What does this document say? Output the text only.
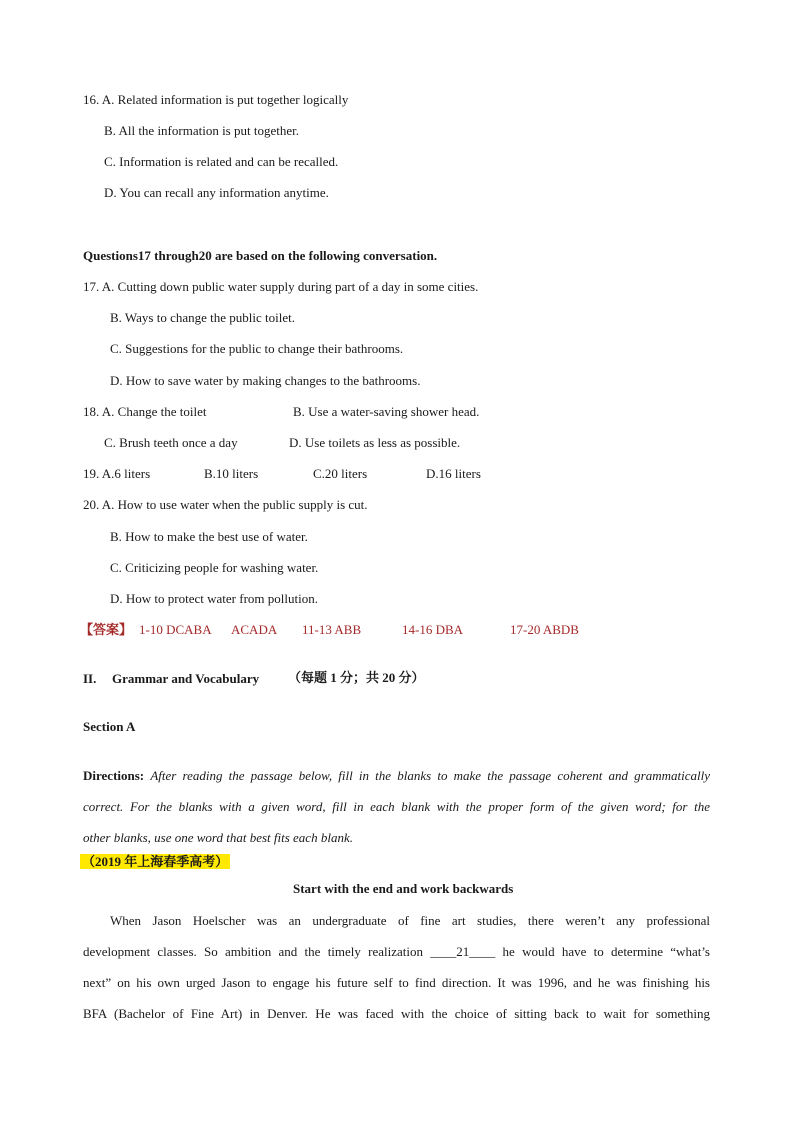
16. A. Related information is put together logically
B. All the information is put together.
C. Information is related and can be recalled.
D. You can recall any information anytime.
Questions17 through20 are based on the following conversation.
17. A. Cutting down public water supply during part of a day in some cities.
B. Ways to change the public toilet.
C. Suggestions for the public to change their bathrooms.
D. How to save water by making changes to the bathrooms.
18. A. Change the toilet	B. Use a water-saving shower head.
C. Brush teeth once a day	D. Use toilets as less as possible.
19. A.6 liters	B.10 liters	C.20 liters	D.16 liters
20. A. How to use water when the public supply is cut.
B. How to make the best use of water.
C. Criticizing people for washing water.
D. How to protect water from pollution.
【答案】 1-10 DCABA ACADA 11-13 ABB	14-16 DBA	17-20 ABDB
II. Grammar and Vocabulary （每题 1 分；共 20 分）
Section A
Directions: After reading the passage below, fill in the blanks to make the passage coherent and grammatically
correct. For the blanks with a given word, fill in each blank with the proper form of the given word; for the
other blanks, use one word that best fits each blank.
（2019 年上海春季高考）
Start with the end and work backwards
When Jason Hoelscher was an undergraduate of fine art studies, there weren’t any professional
development classes. So ambition and the timely realization ____21____ he would have to determine “what’s
next” on his own urged Jason to engage his future self to find direction. It was 1996, and he was finishing his
BFA (Bachelor of Fine Art) in Denver. He was faced with the choice of sitting back to wait for something
